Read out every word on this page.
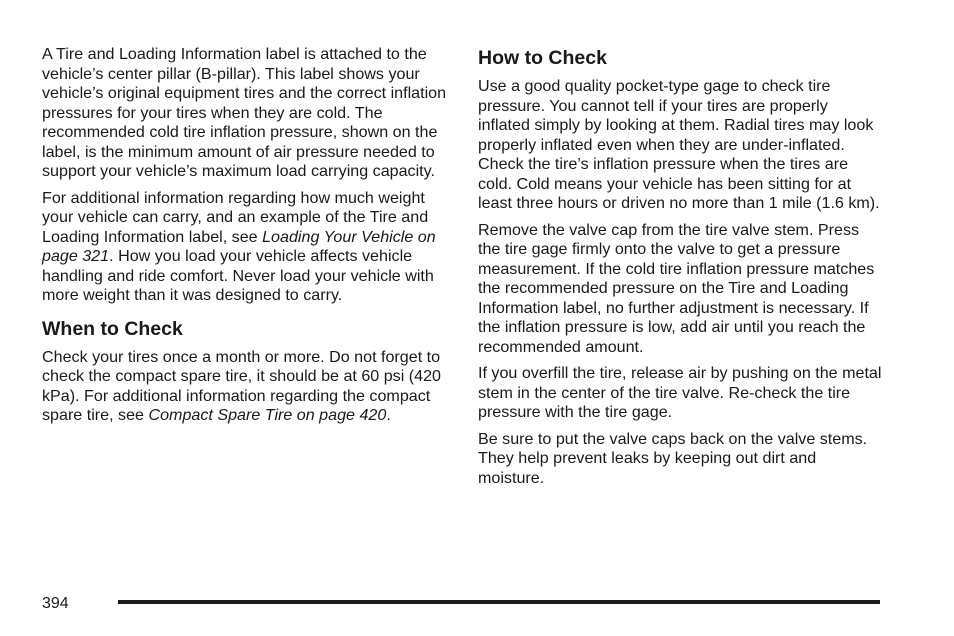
A Tire and Loading Information label is attached to the vehicle’s center pillar (B-pillar). This label shows your vehicle’s original equipment tires and the correct inflation pressures for your tires when they are cold. The recommended cold tire inflation pressure, shown on the label, is the minimum amount of air pressure needed to support your vehicle’s maximum load carrying capacity.

For additional information regarding how much weight your vehicle can carry, and an example of the Tire and Loading Information label, see Loading Your Vehicle on page 321. How you load your vehicle affects vehicle handling and ride comfort. Never load your vehicle with more weight than it was designed to carry.

When to Check

Check your tires once a month or more. Do not forget to check the compact spare tire, it should be at 60 psi (420 kPa). For additional information regarding the compact spare tire, see Compact Spare Tire on page 420.

How to Check

Use a good quality pocket-type gage to check tire pressure. You cannot tell if your tires are properly inflated simply by looking at them. Radial tires may look properly inflated even when they are under-inflated. Check the tire’s inflation pressure when the tires are cold. Cold means your vehicle has been sitting for at least three hours or driven no more than 1 mile (1.6 km).

Remove the valve cap from the tire valve stem. Press the tire gage firmly onto the valve to get a pressure measurement. If the cold tire inflation pressure matches the recommended pressure on the Tire and Loading Information label, no further adjustment is necessary. If the inflation pressure is low, add air until you reach the recommended amount.

If you overfill the tire, release air by pushing on the metal stem in the center of the tire valve. Re-check the tire pressure with the tire gage.

Be sure to put the valve caps back on the valve stems. They help prevent leaks by keeping out dirt and moisture.

394
